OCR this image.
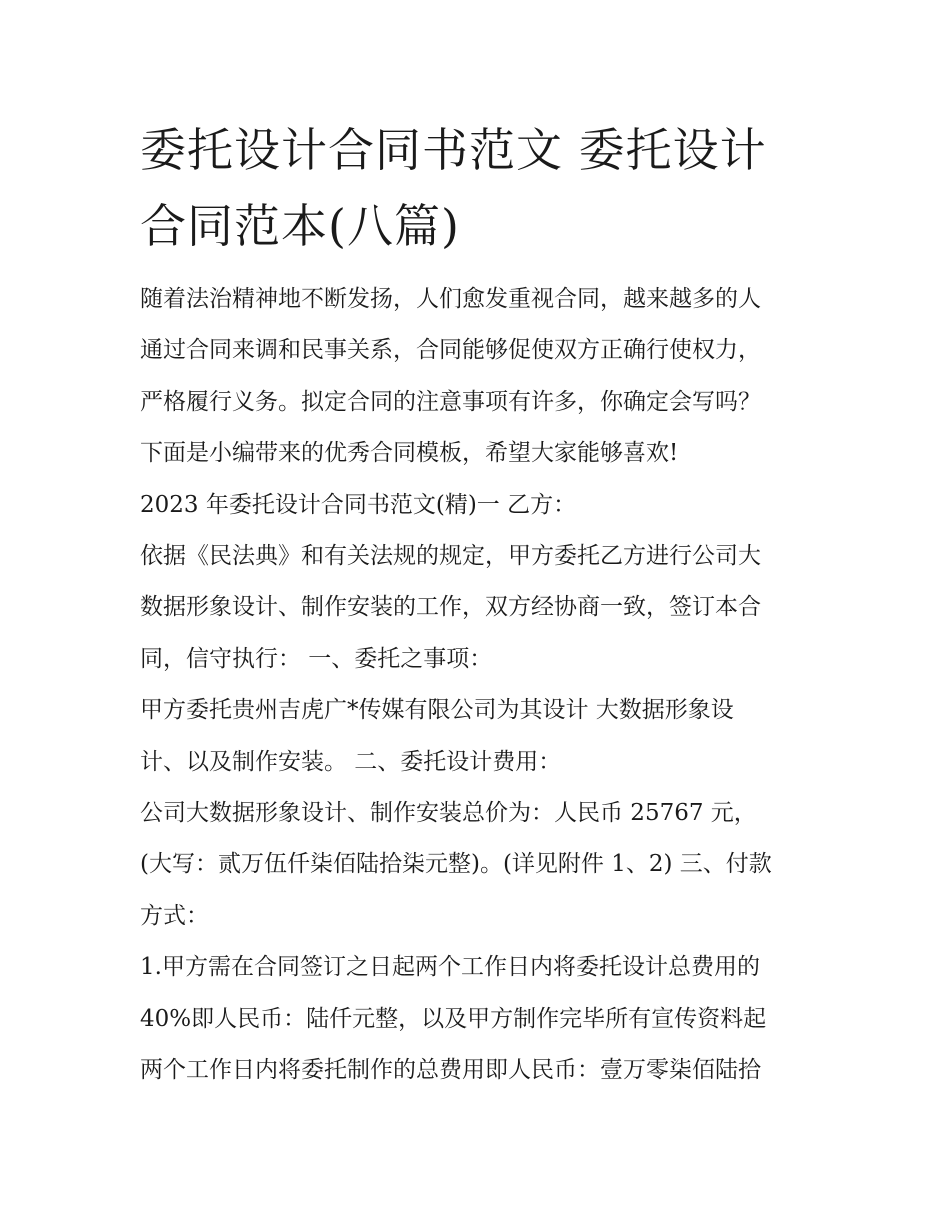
委托设计合同书范文 委托设计
合同范本(八篇)
随着法治精神地不断发扬，人们愈发重视合同，越来越多的人
通过合同来调和民事关系，合同能够促使双方正确行使权力，
严格履行义务。拟定合同的注意事项有许多，你确定会写吗？
下面是小编带来的优秀合同模板，希望大家能够喜欢!
2023 年委托设计合同书范文(精)一 乙方：
依据《民法典》和有关法规的规定，甲方委托乙方进行公司大
数据形象设计、制作安装的工作，双方经协商一致，签订本合
同，信守执行： 一、委托之事项：
甲方委托贵州吉虎广*传媒有限公司为其设计 大数据形象设
计、以及制作安装。 二、委托设计费用：
公司大数据形象设计、制作安装总价为：人民币 25767 元，
(大写：贰万伍仟柒佰陆拾柒元整)。(详见附件 1、2) 三、付款
方式：
1.甲方需在合同签订之日起两个工作日内将委托设计总费用的
40%即人民币：陆仟元整，以及甲方制作完毕所有宣传资料起
两个工作日内将委托制作的总费用即人民币：壹万零柒佰陆拾
